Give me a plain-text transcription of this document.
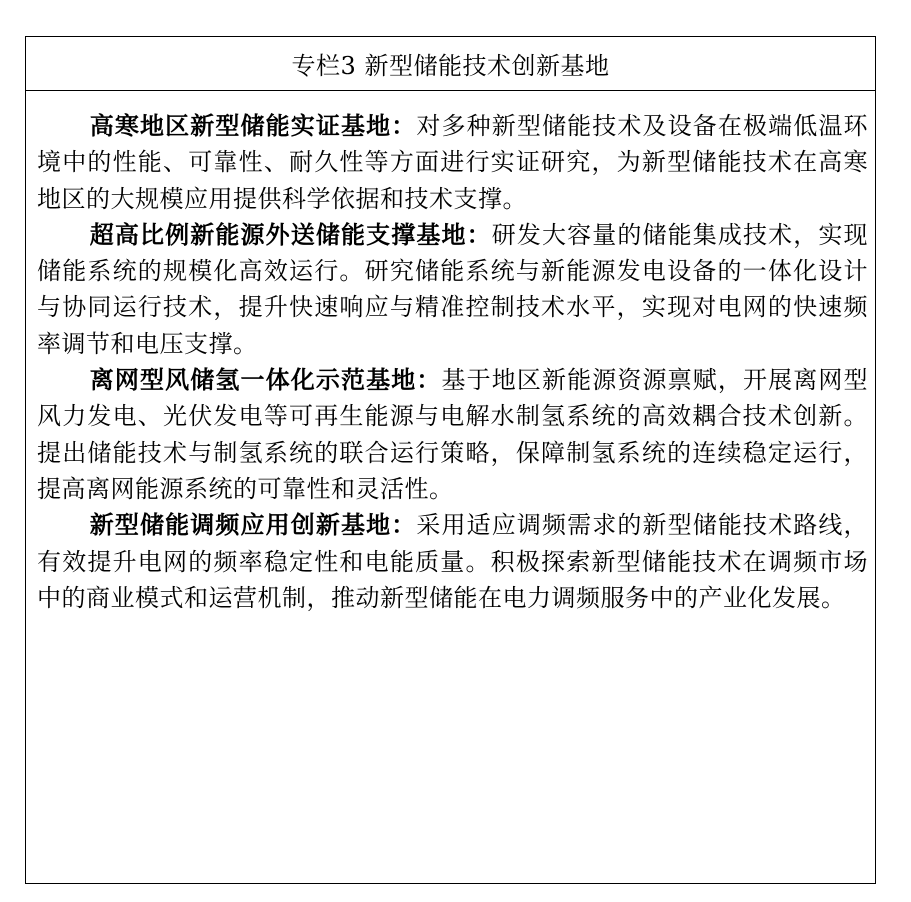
专栏3 新型储能技术创新基地

高寒地区新型储能实证基地：对多种新型储能技术及设备在极端低温环境中的性能、可靠性、耐久性等方面进行实证研究，为新型储能技术在高寒地区的大规模应用提供科学依据和技术支撑。

超高比例新能源外送储能支撑基地：研发大容量的储能集成技术，实现储能系统的规模化高效运行。研究储能系统与新能源发电设备的一体化设计与协同运行技术，提升快速响应与精准控制技术水平，实现对电网的快速频率调节和电压支撑。

离网型风储氢一体化示范基地：基于地区新能源资源禀赋，开展离网型风力发电、光伏发电等可再生能源与电解水制氢系统的高效耦合技术创新。提出储能技术与制氢系统的联合运行策略，保障制氢系统的连续稳定运行，提高离网能源系统的可靠性和灵活性。

新型储能调频应用创新基地：采用适应调频需求的新型储能技术路线，有效提升电网的频率稳定性和电能质量。积极探索新型储能技术在调频市场中的商业模式和运营机制，推动新型储能在电力调频服务中的产业化发展。
